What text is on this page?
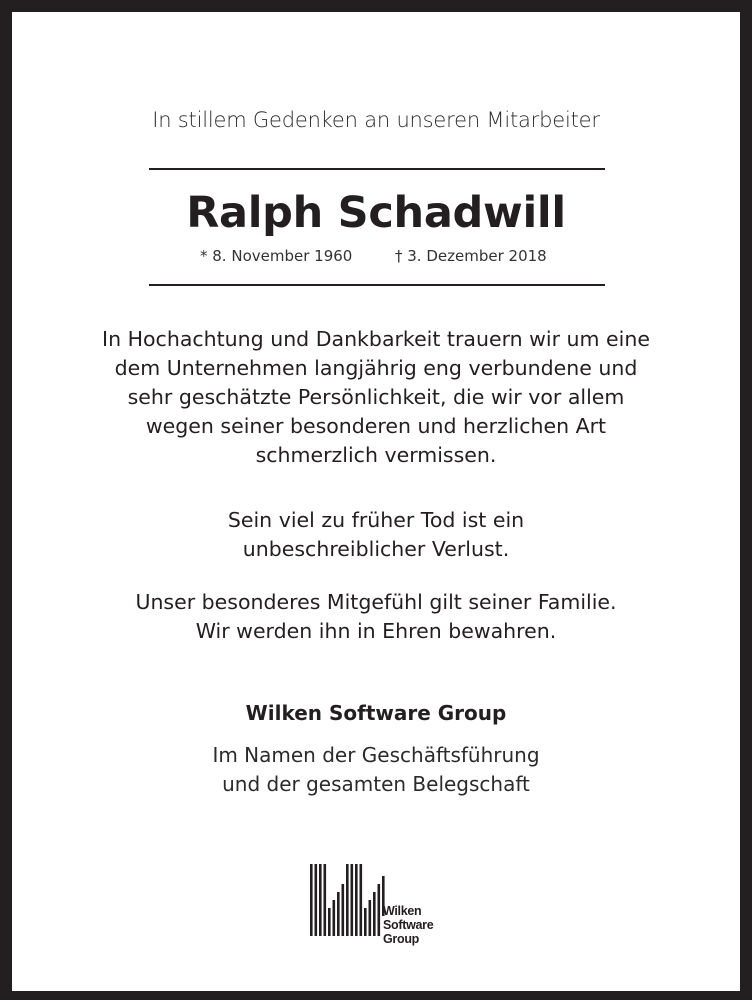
In stillem Gedenken an unseren Mitarbeiter
Ralph Schadwill
* 8. November 1960	† 3. Dezember 2018
In Hochachtung und Dankbarkeit trauern wir um eine
dem Unternehmen langjährig eng verbundene und
sehr geschätzte Persönlichkeit, die wir vor allem
wegen seiner besonderen und herzlichen Art
schmerzlich vermissen.
Sein viel zu früher Tod ist ein
unbeschreiblicher Verlust.
Unser besonderes Mitgefühl gilt seiner Familie.
Wir werden ihn in Ehren bewahren.
Wilken Software Group
Im Namen der Geschäftsführung
und der gesamten Belegschaft
Wilken
Software
Group
